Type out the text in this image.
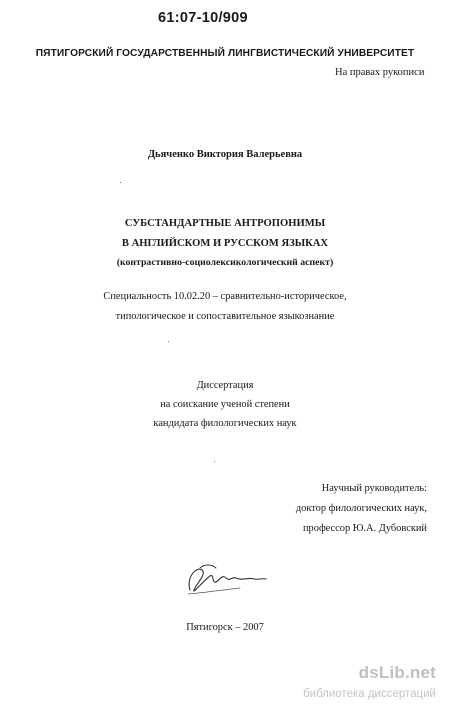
61:07-10/909
ПЯТИГОРСКИЙ ГОСУДАРСТВЕННЫЙ ЛИНГВИСТИЧЕСКИЙ УНИВЕРСИТЕТ
На правах рукописи
Дьяченко Виктория Валерьевна
СУБСТАНДАРТНЫЕ АНТРОПОНИМЫ
В АНГЛИЙСКОМ И РУССКОМ ЯЗЫКАХ
(контрастивно-социолексикологический аспект)
Специальность 10.02.20 – сравнительно-историческое,
типологическое и сопоставительное языкознание
Диссертация
на соискание ученой степени
кандидата филологических наук
Научный руководитель:
доктор филологических наук,
профессор Ю.А. Дубовский
Пятигорск – 2007
dsLib.net
библиотека диссертаций
